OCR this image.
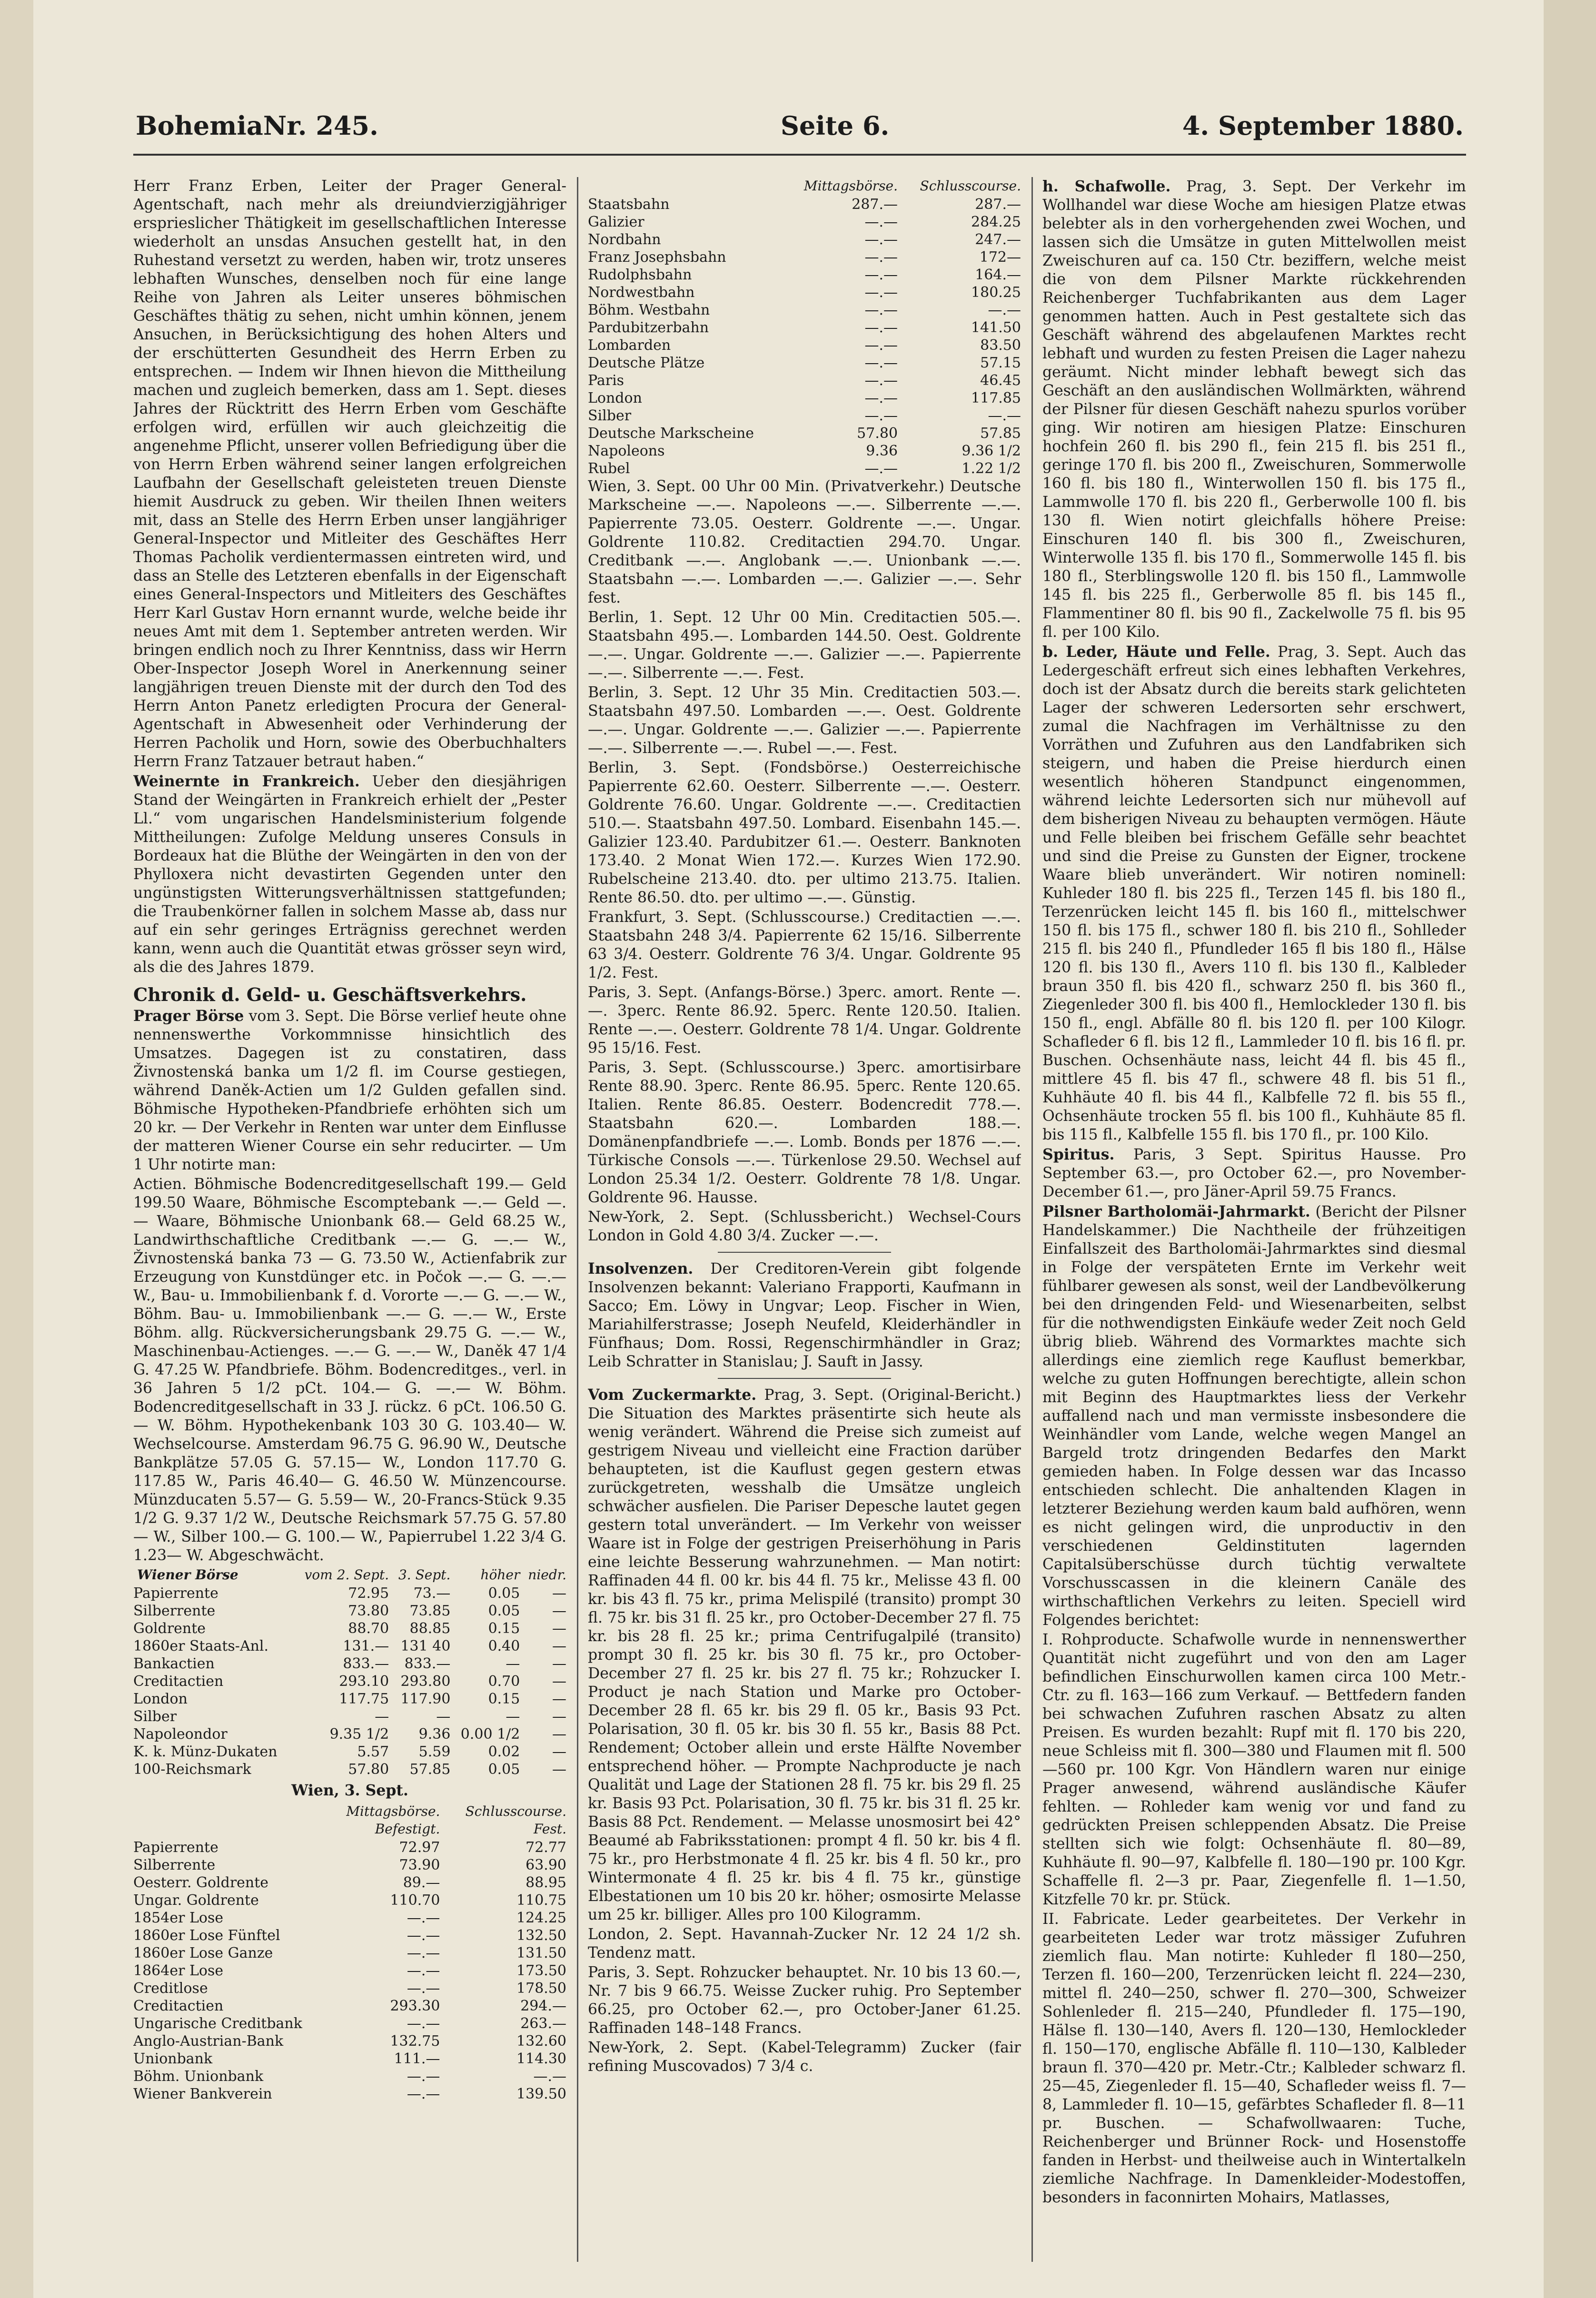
BohemiaNr. 245.	Seite 6.	4. September 1880.

Herr Franz Erben, Leiter der Prager General-Agentschaft, nach mehr als dreiundvierzigjähriger ersprieslicher Thätigkeit im gesellschaftlichen Interesse wiederholt an unsdas Ansuchen gestellt hat, in den Ruhestand versetzt zu werden, haben wir, trotz unseres lebhaften Wunsches, denselben noch für eine lange Reihe von Jahren als Leiter unseres böhmischen Geschäftes thätig zu sehen, nicht umhin können, jenem Ansuchen, in Berücksichtigung des hohen Alters und der erschütterten Gesundheit des Herrn Erben zu entsprechen. — Indem wir Ihnen hievon die Mittheilung machen und zugleich bemerken, dass am 1. Sept. dieses Jahres der Rücktritt des Herrn Erben vom Geschäfte erfolgen wird, erfüllen wir auch gleichzeitig die angenehme Pflicht, unserer vollen Befriedigung über die von Herrn Erben während seiner langen erfolgreichen Laufbahn der Gesellschaft geleisteten treuen Dienste hiemit Ausdruck zu geben. Wir theilen Ihnen weiters mit, dass an Stelle des Herrn Erben unser langjähriger General-Inspector und Mitleiter des Geschäftes Herr Thomas Pacholik verdientermassen eintreten wird, und dass an Stelle des Letzteren ebenfalls in der Eigenschaft eines General-Inspectors und Mitleiters des Geschäftes Herr Karl Gustav Horn ernannt wurde, welche beide ihr neues Amt mit dem 1. September antreten werden. Wir bringen endlich noch zu Ihrer Kenntniss, dass wir Herrn Ober-Inspector Joseph Worel in Anerkennung seiner langjährigen treuen Dienste mit der durch den Tod des Herrn Anton Panetz erledigten Procura der General-Agentschaft in Abwesenheit oder Verhinderung der Herren Pacholik und Horn, sowie des Oberbuchhalters Herrn Franz Tatzauer betraut haben.“

Weinernte in Frankreich. Ueber den diesjährigen Stand der Weingärten in Frankreich erhielt der „Pester Ll.“ vom ungarischen Handelsministerium folgende Mittheilungen: Zufolge Meldung unseres Consuls in Bordeaux hat die Blüthe der Weingärten in den von der Phylloxera nicht devastirten Gegenden unter den ungünstigsten Witterungsverhältnissen stattgefunden; die Traubenkörner fallen in solchem Masse ab, dass nur auf ein sehr geringes Erträgniss gerechnet werden kann, wenn auch die Quantität etwas grösser seyn wird, als die des Jahres 1879.

Chronik d. Geld- u. Geschäftsverkehrs.

Prager Börse vom 3. Sept. Die Börse verlief heute ohne nennenswerthe Vorkommnisse hinsichtlich des Umsatzes. Dagegen ist zu constatiren, dass Živnostenská banka um 1/2 fl. im Course gestiegen, während Daněk-Actien um 1/2 Gulden gefallen sind. Böhmische Hypotheken-Pfandbriefe erhöhten sich um 20 kr. — Der Verkehr in Renten war unter dem Einflusse der matteren Wiener Course ein sehr reducirter. — Um 1 Uhr notirte man:

Actien. Böhmische Bodencreditgesellschaft 199.— Geld 199.50 Waare, Böhmische Escomptebank —.— Geld —.— Waare, Böhmische Unionbank 68.— Geld 68.25 W., Landwirthschaftliche Creditbank —.— G. —.— W., Živnostenská banka 73 — G. 73.50 W., Actienfabrik zur Erzeugung von Kunstdünger etc. in Počok —.— G. —.— W., Bau- u. Immobilienbank f. d. Vororte —.— G. —.— W., Böhm. Bau- u. Immobilienbank —.— G. —.— W., Erste Böhm. allg. Rückversicherungsbank 29.75 G. —.— W., Maschinenbau-Actienges. —.— G. —.— W., Daněk 47 1/4 G. 47.25 W. Pfandbriefe. Böhm. Bodencreditges., verl. in 36 Jahren 5 1/2 pCt. 104.— G. —.— W. Böhm. Bodencreditgesellschaft in 33 J. rückz. 6 pCt. 106.50 G. — W. Böhm. Hypothekenbank 103 30 G. 103.40— W. Wechselcourse. Amsterdam 96.75 G. 96.90 W., Deutsche Bankplätze 57.05 G. 57.15— W., London 117.70 G. 117.85 W., Paris 46.40— G. 46.50 W. Münzencourse. Münzducaten 5.57— G. 5.59— W., 20-Francs-Stück 9.35 1/2 G. 9.37 1/2 W., Deutsche Reichsmark 57.75 G. 57.80— W., Silber 100.— G. 100.— W., Papierrubel 1.22 3/4 G. 1.23— W. Abgeschwächt.

Wiener Börse	vom 2. Sept.	3. Sept.	höher	niedr.
Papierrente	72.95	73.—	0.05	—
Silberrente	73.80	73.85	0.05	—
Goldrente	88.70	88.85	0.15	—
1860er Staats-Anl.	131.—	131 40	0.40	—
Bankactien	833.—	833.—	—	—
Creditactien	293.10	293.80	0.70	—
London	117.75	117.90	0.15	—
Silber	—	—	—	—
Napoleondor	9.35 1/2	9.36	0.00 1/2	—
K. k. Münz-Dukaten	5.57	5.59	0.02	—
100-Reichsmark	57.80	57.85	0.05	—
Wien, 3. Sept.
	Mittagsbörse. Befestigt.	Schlusscourse. Fest.
Papierrente	72.97	72.77
Silberrente	73.90	63.90
Oesterr. Goldrente	89.—	88.95
Ungar. Goldrente	110.70	110.75
1854er Lose	—.—	124.25
1860er Lose Fünftel	—.—	132.50
1860er Lose Ganze	—.—	131.50
1864er Lose	—.—	173.50
Creditlose	—.—	178.50
Creditactien	293.30	294.—
Ungarische Creditbank	—.—	263.—
Anglo-Austrian-Bank	132.75	132.60
Unionbank	111.—	114.30
Böhm. Unionbank	—.—	—.—
Wiener Bankverein	—.—	139.50
	Mittagsbörse.	Schlusscourse.
Staatsbahn	287.—	287.—
Galizier	—.—	284.25
Nordbahn	—.—	247.—
Franz Josephsbahn	—.—	172—
Rudolphsbahn	—.—	164.—
Nordwestbahn	—.—	180.25
Böhm. Westbahn	—.—	—.—
Pardubitzerbahn	—.—	141.50
Lombarden	—.—	83.50
Deutsche Plätze	—.—	57.15
Paris	—.—	46.45
London	—.—	117.85
Silber	—.—	—.—
Deutsche Markscheine	57.80	57.85
Napoleons	9.36	9.36 1/2
Rubel	—.—	1.22 1/2

Wien, 3. Sept. 00 Uhr 00 Min. (Privatverkehr.) Deutsche Markscheine —.—. Napoleons —.—. Silberrente —.—. Papierrente 73.05. Oesterr. Goldrente —.—. Ungar. Goldrente 110.82. Creditactien 294.70. Ungar. Creditbank —.—. Anglobank —.—. Unionbank —.—. Staatsbahn —.—. Lombarden —.—. Galizier —.—. Sehr fest.

Berlin, 1. Sept. 12 Uhr 00 Min. Creditactien 505.—. Staatsbahn 495.—. Lombarden 144.50. Oest. Goldrente —.—. Ungar. Goldrente —.—. Galizier —.—. Papierrente —.—. Silberrente —.—. Fest.

Berlin, 3. Sept. 12 Uhr 35 Min. Creditactien 503.—. Staatsbahn 497.50. Lombarden —.—. Oest. Goldrente —.—. Ungar. Goldrente —.—. Galizier —.—. Papierrente —.—. Silberrente —.—. Rubel —.—. Fest.

Berlin, 3. Sept. (Fondsbörse.) Oesterreichische Papierrente 62.60. Oesterr. Silberrente —.—. Oesterr. Goldrente 76.60. Ungar. Goldrente —.—. Creditactien 510.—. Staatsbahn 497.50. Lombard. Eisenbahn 145.—. Galizier 123.40. Pardubitzer 61.—. Oesterr. Banknoten 173.40. 2 Monat Wien 172.—. Kurzes Wien 172.90. Rubelscheine 213.40. dto. per ultimo 213.75. Italien. Rente 86.50. dto. per ultimo —.—. Günstig.

Frankfurt, 3. Sept. (Schlusscourse.) Creditactien —.—. Staatsbahn 248 3/4. Papierrente 62 15/16. Silberrente 63 3/4. Oesterr. Goldrente 76 3/4. Ungar. Goldrente 95 1/2. Fest.

Paris, 3. Sept. (Anfangs-Börse.) 3perc. amort. Rente —.—. 3perc. Rente 86.92. 5perc. Rente 120.50. Italien. Rente —.—. Oesterr. Goldrente 78 1/4. Ungar. Goldrente 95 15/16. Fest.

Paris, 3. Sept. (Schlusscourse.) 3perc. amortisirbare Rente 88.90. 3perc. Rente 86.95. 5perc. Rente 120.65. Italien. Rente 86.85. Oesterr. Bodencredit 778.—. Staatsbahn 620.—. Lombarden 188.—. Domänenpfandbriefe —.—. Lomb. Bonds per 1876 —.—. Türkische Consols —.—. Türkenlose 29.50. Wechsel auf London 25.34 1/2. Oesterr. Goldrente 78 1/8. Ungar. Goldrente 96. Hausse.

New-York, 2. Sept. (Schlussbericht.) Wechsel-Cours London in Gold 4.80 3/4. Zucker —.—.

Insolvenzen. Der Creditoren-Verein gibt folgende Insolvenzen bekannt: Valeriano Frapporti, Kaufmann in Sacco; Em. Löwy in Ungvar; Leop. Fischer in Wien, Mariahilferstrasse; Joseph Neufeld, Kleiderhändler in Fünfhaus; Dom. Rossi, Regenschirmhändler in Graz; Leib Schratter in Stanislau; J. Sauft in Jassy.

Vom Zuckermarkte. Prag, 3. Sept. (Original-Bericht.) Die Situation des Marktes präsentirte sich heute als wenig verändert. Während die Preise sich zumeist auf gestrigem Niveau und vielleicht eine Fraction darüber behaupteten, ist die Kauflust gegen gestern etwas zurückgetreten, wesshalb die Umsätze ungleich schwächer ausfielen. Die Pariser Depesche lautet gegen gestern total unverändert. — Im Verkehr von weisser Waare ist in Folge der gestrigen Preiserhöhung in Paris eine leichte Besserung wahrzunehmen. — Man notirt: Raffinaden 44 fl. 00 kr. bis 44 fl. 75 kr., Melisse 43 fl. 00 kr. bis 43 fl. 75 kr., prima Melispilé (transito) prompt 30 fl. 75 kr. bis 31 fl. 25 kr., pro October-December 27 fl. 75 kr. bis 28 fl. 25 kr.; prima Centrifugalpilé (transito) prompt 30 fl. 25 kr. bis 30 fl. 75 kr., pro October-December 27 fl. 25 kr. bis 27 fl. 75 kr.; Rohzucker I. Product je nach Station und Marke pro October-December 28 fl. 65 kr. bis 29 fl. 05 kr., Basis 93 Pct. Polarisation, 30 fl. 05 kr. bis 30 fl. 55 kr., Basis 88 Pct. Rendement; October allein und erste Hälfte November entsprechend höher. — Prompte Nachproducte je nach Qualität und Lage der Stationen 28 fl. 75 kr. bis 29 fl. 25 kr. Basis 93 Pct. Polarisation, 30 fl. 75 kr. bis 31 fl. 25 kr. Basis 88 Pct. Rendement. — Melasse unosmosirt bei 42° Beaumé ab Fabriksstationen: prompt 4 fl. 50 kr. bis 4 fl. 75 kr., pro Herbstmonate 4 fl. 25 kr. bis 4 fl. 50 kr., pro Wintermonate 4 fl. 25 kr. bis 4 fl. 75 kr., günstige Elbestationen um 10 bis 20 kr. höher; osmosirte Melasse um 25 kr. billiger. Alles pro 100 Kilogramm.

London, 2. Sept. Havannah-Zucker Nr. 12 24 1/2 sh. Tendenz matt.

Paris, 3. Sept. Rohzucker behauptet. Nr. 10 bis 13 60.—, Nr. 7 bis 9 66.75. Weisse Zucker ruhig. Pro September 66.25, pro October 62.—, pro October-Janer 61.25. Raffinaden 148–148 Francs.

New-York, 2. Sept. (Kabel-Telegramm) Zucker (fair refining Muscovados) 7 3/4 c.

h. Schafwolle. Prag, 3. Sept. Der Verkehr im Wollhandel war diese Woche am hiesigen Platze etwas belebter als in den vorhergehenden zwei Wochen, und lassen sich die Umsätze in guten Mittelwollen meist Zweischuren auf ca. 150 Ctr. beziffern, welche meist die von dem Pilsner Markte rückkehrenden Reichenberger Tuchfabrikanten aus dem Lager genommen hatten. Auch in Pest gestaltete sich das Geschäft während des abgelaufenen Marktes recht lebhaft und wurden zu festen Preisen die Lager nahezu geräumt. Nicht minder lebhaft bewegt sich das Geschäft an den ausländischen Wollmärkten, während der Pilsner für diesen Geschäft nahezu spurlos vorüber ging. Wir notiren am hiesigen Platze: Einschuren hochfein 260 fl. bis 290 fl., fein 215 fl. bis 251 fl., geringe 170 fl. bis 200 fl., Zweischuren, Sommerwolle 160 fl. bis 180 fl., Winterwollen 150 fl. bis 175 fl., Lammwolle 170 fl. bis 220 fl., Gerberwolle 100 fl. bis 130 fl. Wien notirt gleichfalls höhere Preise: Einschuren 140 fl. bis 300 fl., Zweischuren, Winterwolle 135 fl. bis 170 fl., Sommerwolle 145 fl. bis 180 fl., Sterblingswolle 120 fl. bis 150 fl., Lammwolle 145 fl. bis 225 fl., Gerberwolle 85 fl. bis 145 fl., Flammentiner 80 fl. bis 90 fl., Zackelwolle 75 fl. bis 95 fl. per 100 Kilo.

b. Leder, Häute und Felle. Prag, 3. Sept. Auch das Ledergeschäft erfreut sich eines lebhaften Verkehres, doch ist der Absatz durch die bereits stark gelichteten Lager der schweren Ledersorten sehr erschwert, zumal die Nachfragen im Verhältnisse zu den Vorräthen und Zufuhren aus den Landfabriken sich steigern, und haben die Preise hierdurch einen wesentlich höheren Standpunct eingenommen, während leichte Ledersorten sich nur mühevoll auf dem bisherigen Niveau zu behaupten vermögen. Häute und Felle bleiben bei frischem Gefälle sehr beachtet und sind die Preise zu Gunsten der Eigner, trockene Waare blieb unverändert. Wir notiren nominell: Kuhleder 180 fl. bis 225 fl., Terzen 145 fl. bis 180 fl., Terzenrücken leicht 145 fl. bis 160 fl., mittelschwer 150 fl. bis 175 fl., schwer 180 fl. bis 210 fl., Sohlleder 215 fl. bis 240 fl., Pfundleder 165 fl bis 180 fl., Hälse 120 fl. bis 130 fl., Avers 110 fl. bis 130 fl., Kalbleder braun 350 fl. bis 420 fl., schwarz 250 fl. bis 360 fl., Ziegenleder 300 fl. bis 400 fl., Hemlockleder 130 fl. bis 150 fl., engl. Abfälle 80 fl. bis 120 fl. per 100 Kilogr. Schafleder 6 fl. bis 12 fl., Lammleder 10 fl. bis 16 fl. pr. Buschen. Ochsenhäute nass, leicht 44 fl. bis 45 fl., mittlere 45 fl. bis 47 fl., schwere 48 fl. bis 51 fl., Kuhhäute 40 fl. bis 44 fl., Kalbfelle 72 fl. bis 55 fl., Ochsenhäute trocken 55 fl. bis 100 fl., Kuhhäute 85 fl. bis 115 fl., Kalbfelle 155 fl. bis 170 fl., pr. 100 Kilo.

Spiritus. Paris, 3 Sept. Spiritus Hausse. Pro September 63.—, pro October 62.—, pro November-December 61.—, pro Jäner-April 59.75 Francs.

Pilsner Bartholomäi-Jahrmarkt. (Bericht der Pilsner Handelskammer.) Die Nachtheile der frühzeitigen Einfallszeit des Bartholomäi-Jahrmarktes sind diesmal in Folge der verspäteten Ernte im Verkehr weit fühlbarer gewesen als sonst, weil der Landbevölkerung bei den dringenden Feld- und Wiesenarbeiten, selbst für die nothwendigsten Einkäufe weder Zeit noch Geld übrig blieb. Während des Vormarktes machte sich allerdings eine ziemlich rege Kauflust bemerkbar, welche zu guten Hoffnungen berechtigte, allein schon mit Beginn des Hauptmarktes liess der Verkehr auffallend nach und man vermisste insbesondere die Weinhändler vom Lande, welche wegen Mangel an Bargeld trotz dringenden Bedarfes den Markt gemieden haben. In Folge dessen war das Incasso entschieden schlecht. Die anhaltenden Klagen in letzterer Beziehung werden kaum bald aufhören, wenn es nicht gelingen wird, die unproductiv in den verschiedenen Geldinstituten lagernden Capitalsüberschüsse durch tüchtig verwaltete Vorschusscassen in die kleinern Canäle des wirthschaftlichen Verkehrs zu leiten. Speciell wird Folgendes berichtet:

I. Rohproducte. Schafwolle wurde in nennenswerther Quantität nicht zugeführt und von den am Lager befindlichen Einschurwollen kamen circa 100 Metr.-Ctr. zu fl. 163—166 zum Verkauf. — Bettfedern fanden bei schwachen Zufuhren raschen Absatz zu alten Preisen. Es wurden bezahlt: Rupf mit fl. 170 bis 220, neue Schleiss mit fl. 300—380 und Flaumen mit fl. 500—560 pr. 100 Kgr. Von Händlern waren nur einige Prager anwesend, während ausländische Käufer fehlten. — Rohleder kam wenig vor und fand zu gedrückten Preisen schleppenden Absatz. Die Preise stellten sich wie folgt: Ochsenhäute fl. 80—89, Kuhhäute fl. 90—97, Kalbfelle fl. 180—190 pr. 100 Kgr. Schaffelle fl. 2—3 pr. Paar, Ziegenfelle fl. 1—1.50, Kitzfelle 70 kr. pr. Stück.

II. Fabricate. Leder gearbeitetes. Der Verkehr in gearbeiteten Leder war trotz mässiger Zufuhren ziemlich flau. Man notirte: Kuhleder fl 180—250, Terzen fl. 160—200, Terzenrücken leicht fl. 224—230, mittel fl. 240—250, schwer fl. 270—300, Schweizer Sohlenleder fl. 215—240, Pfundleder fl. 175—190, Hälse fl. 130—140, Avers fl. 120—130, Hemlockleder fl. 150—170, englische Abfälle fl. 110—130, Kalbleder braun fl. 370—420 pr. Metr.-Ctr.; Kalbleder schwarz fl. 25—45, Ziegenleder fl. 15—40, Schafleder weiss fl. 7—8, Lammleder fl. 10—15, gefärbtes Schafleder fl. 8—11 pr. Buschen. — Schafwollwaaren: Tuche, Reichenberger und Brünner Rock- und Hosenstoffe fanden in Herbst- und theilweise auch in Wintertalkeln ziemliche Nachfrage. In Damenkleider-Modestoffen, besonders in faconnirten Mohairs, Matlasses,
